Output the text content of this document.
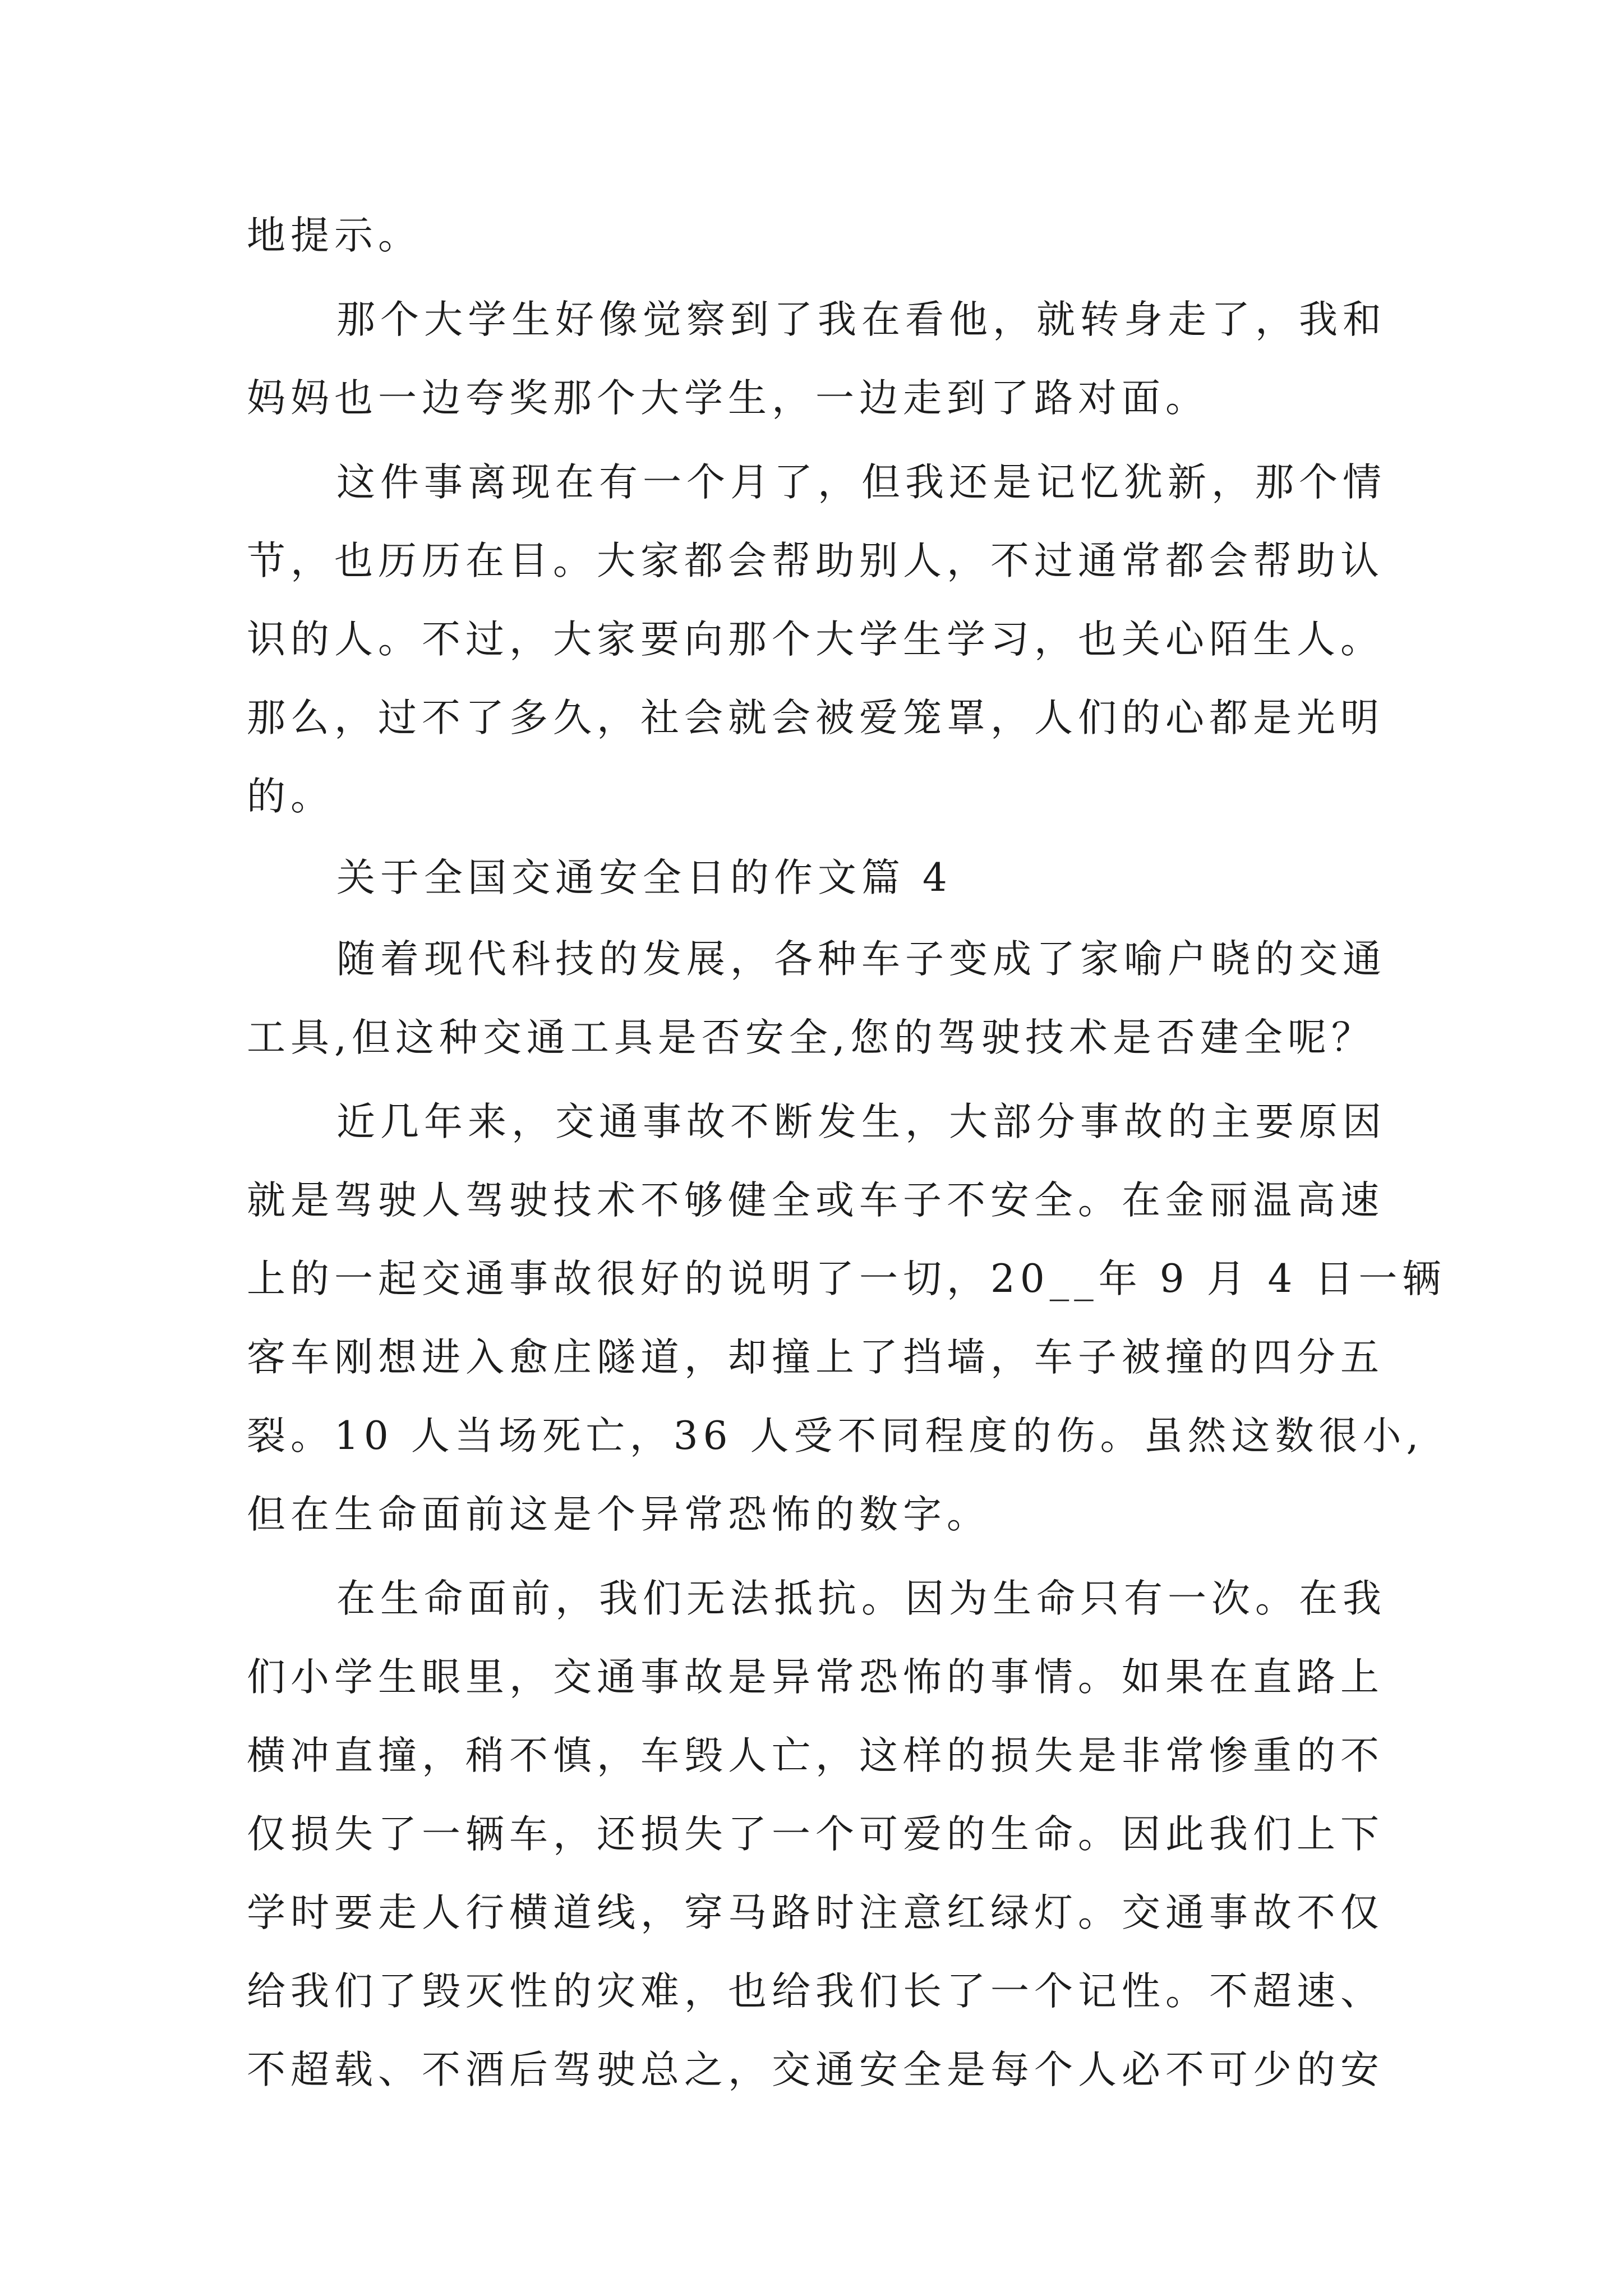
地提示。
那个大学生好像觉察到了我在看他，就转身走了，我和
妈妈也一边夸奖那个大学生，一边走到了路对面。
这件事离现在有一个月了，但我还是记忆犹新，那个情
节，也历历在目。大家都会帮助别人，不过通常都会帮助认
识的人。不过，大家要向那个大学生学习，也关心陌生人。
那么，过不了多久，社会就会被爱笼罩，人们的心都是光明
的。
关于全国交通安全日的作文篇 4
随着现代科技的发展，各种车子变成了家喻户晓的交通
工具,但这种交通工具是否安全,您的驾驶技术是否建全呢？
近几年来，交通事故不断发生，大部分事故的主要原因
就是驾驶人驾驶技术不够健全或车子不安全。在金丽温高速
上的一起交通事故很好的说明了一切，20__年 9 月 4 日一辆
客车刚想进入愈庄隧道，却撞上了挡墙，车子被撞的四分五
裂。10 人当场死亡，36 人受不同程度的伤。虽然这数很小,
但在生命面前这是个异常恐怖的数字。
在生命面前，我们无法抵抗。因为生命只有一次。在我
们小学生眼里，交通事故是异常恐怖的事情。如果在直路上
横冲直撞，稍不慎，车毁人亡，这样的损失是非常惨重的不
仅损失了一辆车，还损失了一个可爱的生命。因此我们上下
学时要走人行横道线，穿马路时注意红绿灯。交通事故不仅
给我们了毁灭性的灾难，也给我们长了一个记性。不超速、
不超载、不酒后驾驶总之，交通安全是每个人必不可少的安
